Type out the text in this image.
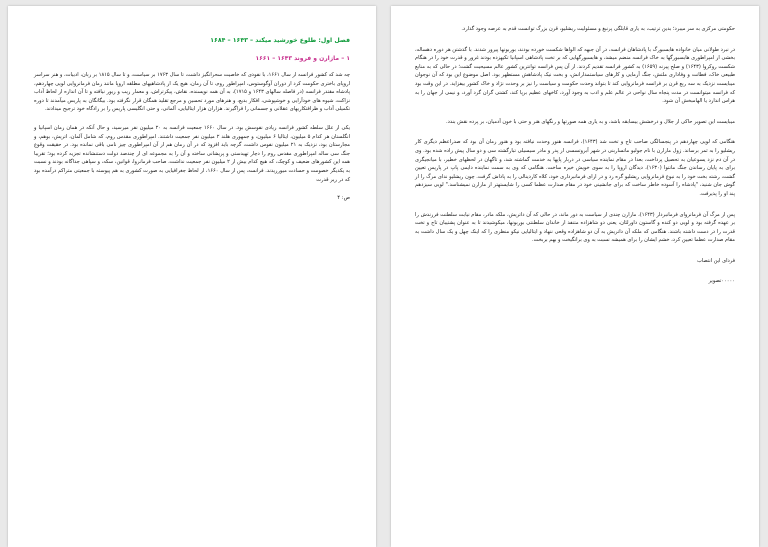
فصل اول: طلوع خورشید میکند – ۱۶۴۳ – ۱۶۸۴
۱ – مازارن و فروند ۱۶۴۳ – ۱۶۶۱

چه شد که کشور فرانسه از سال ۱۶۶۱، با نفوذی که خاصیت سحرانگیز داشت، تا سال ۱۷۶۳ بر سیاست، و تا سال ۱۸۱۵ بر زبان، ادبیات، و هنر سراسر اروپای باختری حکومت کرد از دوران آوگوستوس، امپراطور روم، تا آن زمان، هیچ یک از پادشاهیهای مطلقه اروپا مانند زمان فرمانروایی لویی چهاردهم، پادشاه مقتدر فرانسه (در فاصله سالهای ۱۶۴۳ و ۱۷۱۵)، به آن همه نویسنده، نقاش، پیکرتراش، و معمار زیب و زیور نیافته و تا آن اندازه از لحاظ آداب نزاکت، شیوه های خودآرایی و خوشپوشی، افکار بدیع، و هنرهای مورد تحسین و مرجع تقلید همگان قرار نگرفته بود. بیگانگان به پاریس میآمدند تا دوره تکمیلی آداب و ظرافتکاریهای عقلانی و جسمانی را فراگیرند. هزاران هزار ایتالیایی، آلمانی، و حتی انگلیسی پاریس را بر زادگاه خود ترجیح میدادند.

یکی از علل سلطه کشور فرانسه زیادی نفوسش بود. در سال ۱۶۶۰ جمعیت فرانسه به ۲۰ میلیون نفر میرسید، و حال آنکه در همان زمان اسپانیا و انگلستان هر کدام ۵ میلیون، ایتالیا ۶ میلیون، و جمهوری هلند ۲ میلیون نفر جمعیت داشتند. امپراطوری مقدس روم، که شامل آلمان، اتریش، بوهم، و مجارستان بود، نزدیک به ۲۱ میلیون نفوس داشت، گرچه باید افزود که در آن زمان هم از آن امپراطوری چیز نامی باقی نمانده بود. در حقیقت وقوع جنگ سی ساله امپراطوری مقدس روم را دچار تهیدستی و پریشانی ساخته و آن را به مجموعه ای از چندصد دولت دستنشانده تجزیه کرده بود؛ تقریبا همه این کشورهای ضعیف و کوچک، که هیچ کدام بیش از ۲ میلیون نفر جمعیت نداشت، صاحب فرمانروا، قوانین، سکه، و سپاهی جداگانه بودند و نسبت به یکدیگر خصومت و حسادت میورزیدند. فرانسه، پس از سال ۱۶۶۰، از لحاظ جغرافیایی به صورت کشوری به هم پیوسته با جمعیتی متراکم درآمده بود که در زیر قدرت

ص: ۴

حکومتی مرکزی به سر میبرد؛ بدین ترتیب، به یاری قابلگی پرنبغ و مسئولیت ریشلیو، قرن بزرگ توانست قدم به عرصه وجود گذارد.

در نبرد طولانی میان خانواده هابسبورگ با پادشاهان فرانسه، در آن جبهه که الواها شکست خورده بودند، بوربونها پیروز شدند. با گذشتن هر دوره دهساله، بخشی از امپراطوری هابسبورگها به خاک فرانسه منضم میشد، و هابسبورگهایی که بر تخت پادشاهی اسپانیا تکیهزده بودند غرور و قدرت خود را در هنگام شکست روکروا (۱۶۴۳) و صلح پیرنه (۱۶۵۹) به کشور فرانسه تقدیم کردند. از آن پس فرانسه توانترین کشور عالم مسیحیت گشت؛ در حالی که به منابع طبیعی خاک، فطانت و وفاداری ملتش، جنگ آزمایی و کارهای سیاستمدارانش، و بخت نیک پادشاهش مستظهر بود. اصل موضوع این بود که آن نوجوان میبایست نزدیک به سه ربع قرن بر فرانسه فرمانروایی کند تا بتواند وحدت حکومت و سیاست را نیز بر وحدت نژاد و خاک کشور بیفزاید. در این وقت بود که فرانسه میتوانست در مدت پنجاه سال نواحی در عالم علم و ادب به وجود آورد، کاخهای عظیم برپا کند، کشتی گران گرد آورد، و نیمی از جهان را به هراس اندازد یا الهامبخش آن شود.

میبایست این تصویر حاکی از جلال و درخشش بیسابقه باشد، و به یاری همه صورتها و رنگهای هنر و حتی با خون آدمیان، بر پرده نقش بندد.

هنگامی که لویی چهاردهم در پنجسالگی صاحب تاج و تخت شد (۱۶۴۳)، فرانسه هنوز وحدت نیافته بود و هنوز زمان آن بود که صدراعظم دیگری کار ریشلیو را به ثمر برساند. ژول مازارن با نام جولیو ماتساربنی در شهر آبروتسسی از پدر و مادر سیسیلی تبارگشته سی و دو سال پیش زاده شده بود. وی در آن دم نزد یسوعیان به تحصیل پرداخت، بعدا در مقام نماینده سیاسی در دربار پاپها به خدمت گماشته شد، و تاگهان در لحظهای خطیر، با میانجیگری برای به پایان رساندن جنگ مانتوا (۱۶۳۰)، دیدگان اروپا را به سوی خویش خیره ساخت. هنگامی که وی به سمت نماینده دایمی پاپ در پاریس تعیین گشت، رشته بخت خود را به نبوغ فرمانروایی ریشلیو گره زد و در ازای فرمانبرداری خود، کلاه کاردینالی را به پاداش گرفت. چون ریشلیو ندای مرگ را از گوش جان شنید، "پادشاه را آسوده خاطر ساخت که برای جانشینی خود در مقام صدارت عظما کسی را شایستهتر از مازارن نمیشناسد." لویی سیزدهم پند او را پذیرفت.

پس از مرگ آن فرمانروای فرمانبردار (۱۶۴۳)، مازارن چندی از سیاست به دور ماند، در حالی که آن داتریش، ملکه مادر، مقام نیابت سلطنت فرزندش را بر عهده گرفته بود و لویی دو کنده و گاستون داورلئان، یعنی دو شاهزاده متنفذ از خاندان سلطنتی بوربونها، میکوشیدند تا به عنوان پشتیبان تاج و تخت قدرت را در دست داشته باشند. هنگامی که ملکه آن داتریش به آن دو شاهزاده وقعی ننهاد و ایتالیایی نیکو منظری را که اینک چهل و یک سال داشت به مقام صدارت عظما تعیین کرد، خشم ایشان را برای همیشه نسبت به وی برانگیخت و بهم بربخت.

فردای این انتصاب
۰۰۰۰۰تصویر
